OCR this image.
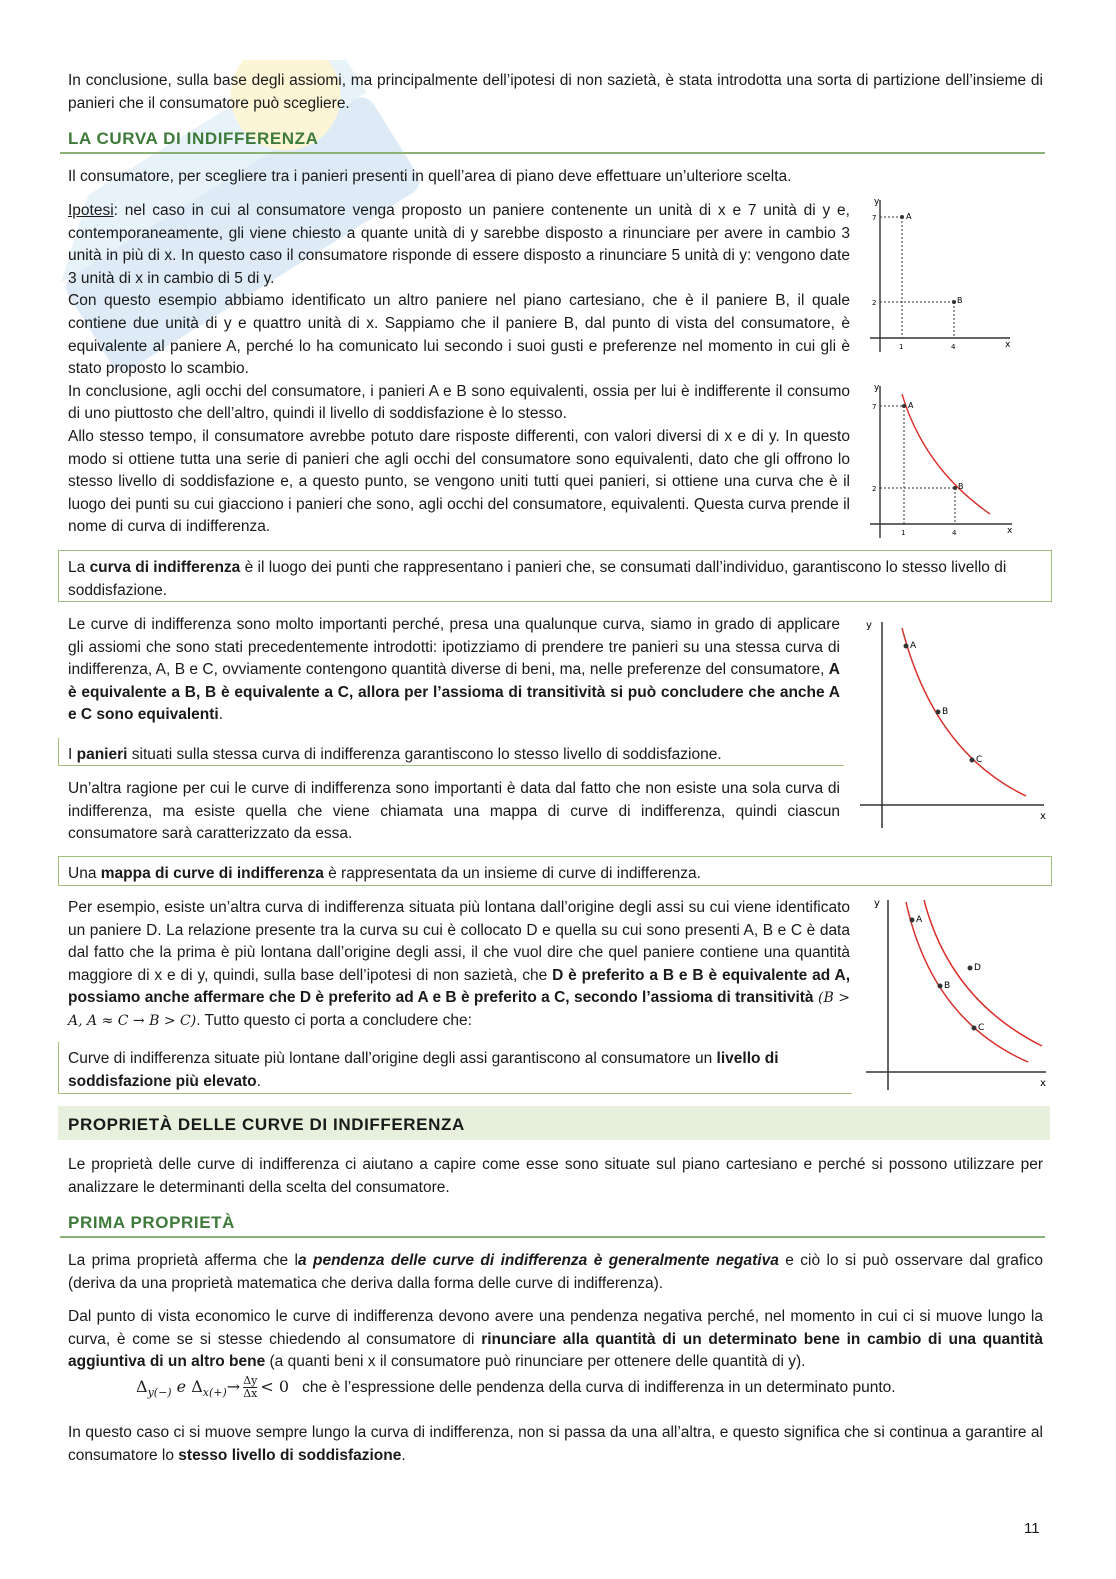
In conclusione, sulla base degli assiomi, ma principalmente dell’ipotesi di non sazietà, è stata introdotta una sorta di partizione dell’insieme di panieri che il consumatore può scegliere.

LA CURVA DI INDIFFERENZA

Il consumatore, per scegliere tra i panieri presenti in quell’area di piano deve effettuare un’ulteriore scelta.

Ipotesi: nel caso in cui al consumatore venga proposto un paniere contenente un unità di x e 7 unità di y e, contemporaneamente, gli viene chiesto a quante unità di y sarebbe disposto a rinunciare per avere in cambio 3 unità in più di x. In questo caso il consumatore risponde di essere disposto a rinunciare 5 unità di y: vengono date 3 unità di x in cambio di 5 di y.
Con questo esempio abbiamo identificato un altro paniere nel piano cartesiano, che è il paniere B, il quale contiene due unità di y e quattro unità di x. Sappiamo che il paniere B, dal punto di vista del consumatore, è equivalente al paniere A, perché lo ha comunicato lui secondo i suoi gusti e preferenze nel momento in cui gli è stato proposto lo scambio.
In conclusione, agli occhi del consumatore, i panieri A e B sono equivalenti, ossia per lui è indifferente il consumo di uno piuttosto che dell’altro, quindi il livello di soddisfazione è lo stesso.
Allo stesso tempo, il consumatore avrebbe potuto dare risposte differenti, con valori diversi di x e di y. In questo modo si ottiene tutta una serie di panieri che agli occhi del consumatore sono equivalenti, dato che gli offrono lo stesso livello di soddisfazione e, a questo punto, se vengono uniti tutti quei panieri, si ottiene una curva che è il luogo dei punti su cui giacciono i panieri che sono, agli occhi del consumatore, equivalenti. Questa curva prende il nome di curva di indifferenza.

y
x
A
B
7
2
1	4
y
x
A
B
7
2
1	4
La curva di indifferenza è il luogo dei punti che rappresentano i panieri che, se consumati dall’individuo, garantiscono lo stesso livello di soddisfazione.

Le curve di indifferenza sono molto importanti perché, presa una qualunque curva, siamo in grado di applicare gli assiomi che sono stati precedentemente introdotti: ipotizziamo di prendere tre panieri su una stessa curva di indifferenza, A, B e C, ovviamente contengono quantità diverse di beni, ma, nelle preferenze del consumatore, A è equivalente a B, B è equivalente a C, allora per l’assioma di transitività si può concludere che anche A e C sono equivalenti.

y
x
A
B
C
I panieri situati sulla stessa curva di indifferenza garantiscono lo stesso livello di soddisfazione.

Un’altra ragione per cui le curve di indifferenza sono importanti è data dal fatto che non esiste una sola curva di indifferenza, ma esiste quella che viene chiamata una mappa di curve di indifferenza, quindi ciascun consumatore sarà caratterizzato da essa.

Una mappa di curve di indifferenza è rappresentata da un insieme di curve di indifferenza.

Per esempio, esiste un’altra curva di indifferenza situata più lontana dall’origine degli assi su cui viene identificato un paniere D. La relazione presente tra la curva su cui è collocato D e quella su cui sono presenti A, B e C è data dal fatto che la prima è più lontana dall’origine degli assi, il che vuol dire che quel paniere contiene una quantità maggiore di x e di y, quindi, sulla base dell’ipotesi di non sazietà, che D è preferito a B e B è equivalente ad A, possiamo anche affermare che D è preferito ad A e B è preferito a C, secondo l’assioma di transitività (B > A, A ≈ C → B > C). Tutto questo ci porta a concludere che:

Curve di indifferenza situate più lontane dall’origine degli assi garantiscono al consumatore un livello di soddisfazione più elevato.
y
x
A
B
C
D
PROPRIETÀ DELLE CURVE DI INDIFFERENZA

Le proprietà delle curve di indifferenza ci aiutano a capire come esse sono situate sul piano cartesiano e perché si possono utilizzare per analizzare le determinanti della scelta del consumatore.

PRIMA PROPRIETÀ

La prima proprietà afferma che la pendenza delle curve di indifferenza è generalmente negativa e ciò lo si può osservare dal grafico (deriva da una proprietà matematica che deriva dalla forma delle curve di indifferenza).

Dal punto di vista economico le curve di indifferenza devono avere una pendenza negativa perché, nel momento in cui ci si muove lungo la curva, è come se si stesse chiedendo al consumatore di rinunciare alla quantità di un determinato bene in cambio di una quantità aggiuntiva di un altro bene (a quanti beni x il consumatore può rinunciare per ottenere delle quantità di y).

$\Delta_{y(-)}$ e $\Delta_{x(+)}\to \frac{\Delta y}{\Delta x} < 0$ che è l’espressione delle pendenza della curva di indifferenza in un determinato punto.

In questo caso ci si muove sempre lungo la curva di indifferenza, non si passa da una all’altra, e questo significa che si continua a garantire al consumatore lo stesso livello di soddisfazione.

11
